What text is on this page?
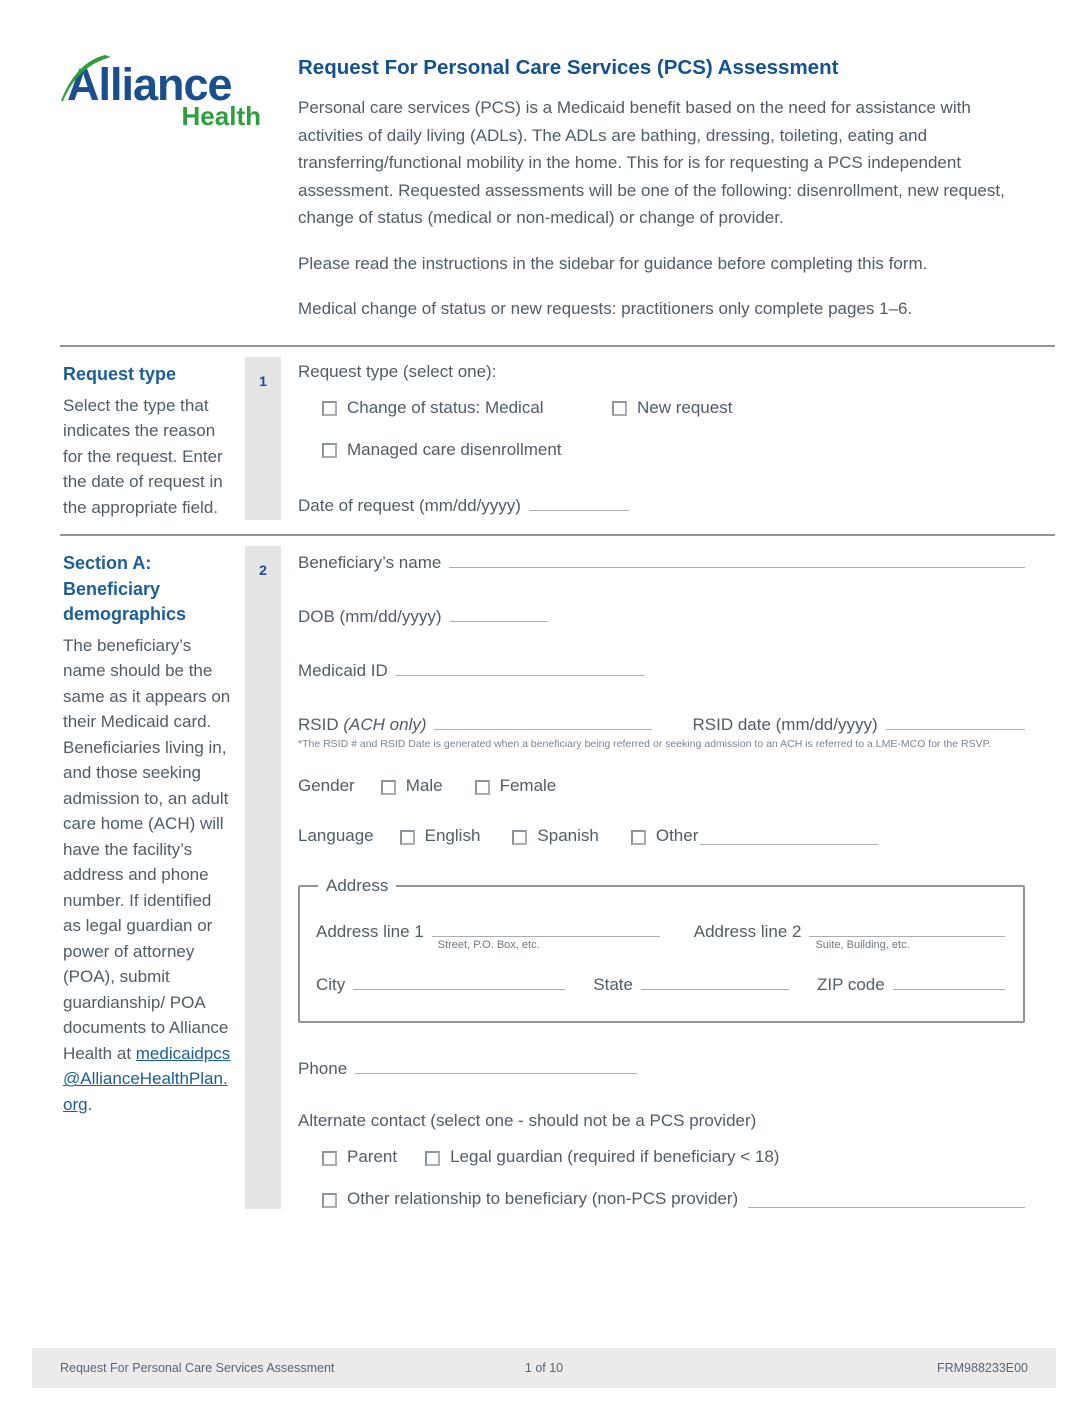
Alliance
Health
Request For Personal Care Services (PCS) Assessment

Personal care services (PCS) is a Medicaid benefit based on the need for assistance with activities of daily living (ADLs). The ADLs are bathing, dressing, toileting, eating and transferring/functional mobility in the home. This for is for requesting a PCS independent assessment. Requested assessments will be one of the following: disenrollment, new request, change of status (medical or non-medical) or change of provider.

Please read the instructions in the sidebar for guidance before completing this form.

Medical change of status or new requests: practitioners only complete pages 1–6.

Request type
Select the type that indicates the reason for the request. Enter the date of request in the appropriate field.
1	Request type (select one):
Change of status: Medical	New request
Managed care disenrollment
Date of request (mm/dd/yyyy)
Section A: Beneficiary demographics
The beneficiary’s name should be the same as it appears on their Medicaid card. Beneficiaries living in, and those seeking admission to, an adult care home (ACH) will have the facility’s address and phone number. If identified as legal guardian or power of attorney (POA), submit guardianship/ POA documents to Alliance Health at medicaidpcs@AllianceHealthPlan.org.
2	Beneficiary’s name
DOB (mm/dd/yyyy)
Medicaid ID
RSID (ACH only)	RSID date (mm/dd/yyyy)
*The RSID # and RSID Date is generated when a beneficiary being referred or seeking admission to an ACH is referred to a LME-MCO for the RSVP.
Gender	Male	Female
Language	English	Spanish	Other
Address
Address line 1
Street, P.O. Box, etc.
Address line 2
Suite, Building, etc.
City	State	ZIP code
Phone
Alternate contact (select one - should not be a PCS provider)
Parent	Legal guardian (required if beneficiary < 18)
Other relationship to beneficiary (non-PCS provider)
Request For Personal Care Services Assessment	1 of 10	FRM988233E00
